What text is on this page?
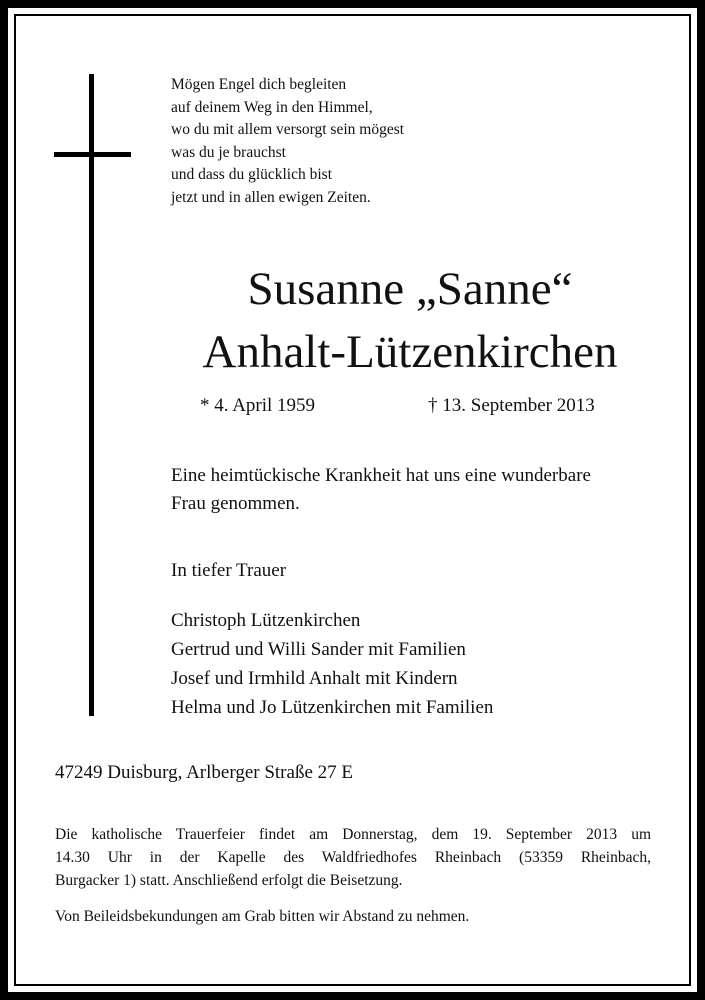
Mögen Engel dich begleiten
auf deinem Weg in den Himmel,
wo du mit allem versorgt sein mögest
was du je brauchst
und dass du glücklich bist
jetzt und in allen ewigen Zeiten.
Susanne „Sanne“
Anhalt-Lützenkirchen
* 4. April 1959	† 13. September 2013
Eine heimtückische Krankheit hat uns eine wunderbare
Frau genommen.
In tiefer Trauer
Christoph Lützenkirchen
Gertrud und Willi Sander mit Familien
Josef und Irmhild Anhalt mit Kindern
Helma und Jo Lützenkirchen mit Familien
47249 Duisburg, Arlberger Straße 27 E
Die katholische Trauerfeier findet am Donnerstag, dem 19. September 2013 um
14.30 Uhr in der Kapelle des Waldfriedhofes Rheinbach (53359 Rheinbach,
Burgacker 1) statt. Anschließend erfolgt die Beisetzung.
Von Beileidsbekundungen am Grab bitten wir Abstand zu nehmen.
